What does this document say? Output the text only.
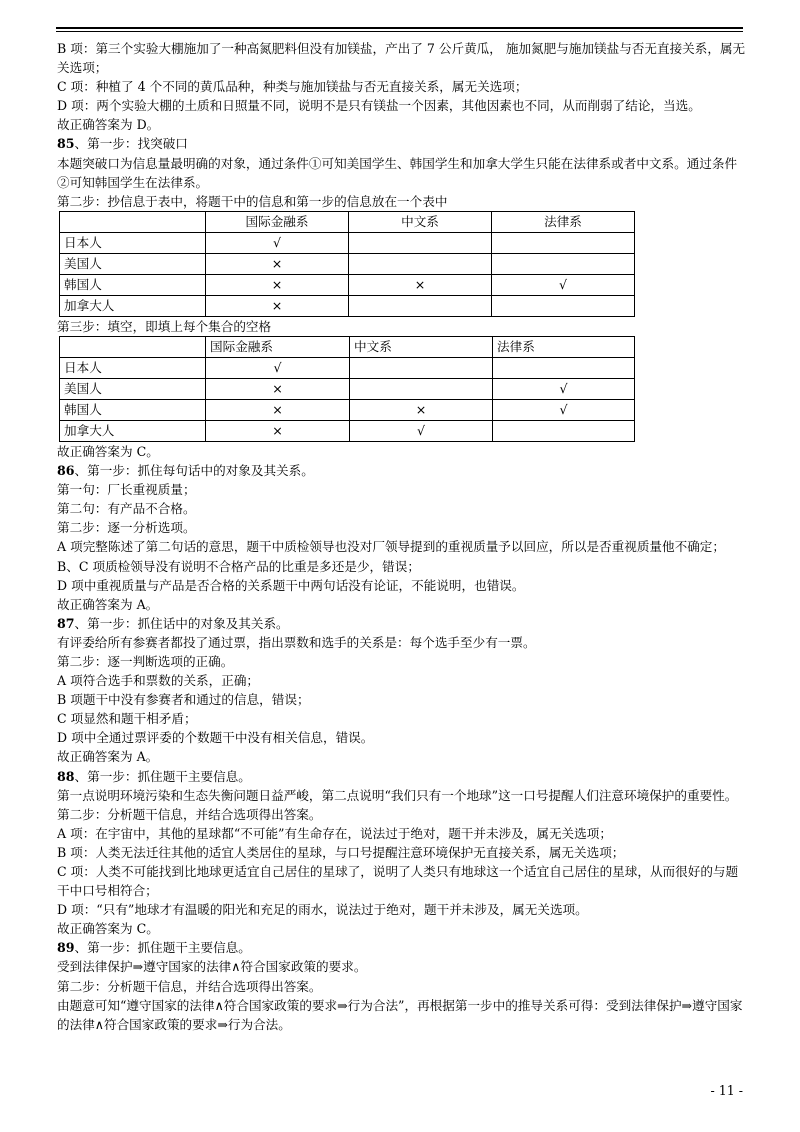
B 项：第三个实验大棚施加了一种高氮肥料但没有加镁盐，产出了 7 公斤黄瓜， 施加氮肥与施加镁盐与否无直接关系，属无关选项；
C 项：种植了 4 个不同的黄瓜品种，种类与施加镁盐与否无直接关系，属无关选项；
D 项：两个实验大棚的土质和日照量不同，说明不是只有镁盐一个因素，其他因素也不同，从而削弱了结论，当选。
故正确答案为 D。
85、第一步：找突破口
本题突破口为信息量最明确的对象，通过条件①可知美国学生、韩国学生和加拿大学生只能在法律系或者中文系。通过条件②可知韩国学生在法律系。
第二步：抄信息于表中，将题干中的信息和第一步的信息放在一个表中
	国际金融系	中文系	法律系
日本人	√		
美国人	×		
韩国人	×	×	√
加拿大人	×		
第三步：填空，即填上每个集合的空格
	国际金融系	中文系	法律系
日本人	√		
美国人	×		√
韩国人	×	×	√
加拿大人	×	√	
故正确答案为 C。
86、第一步：抓住每句话中的对象及其关系。
第一句：厂长重视质量；
第二句：有产品不合格。
第二步：逐一分析选项。
A 项完整陈述了第二句话的意思，题干中质检领导也没对厂领导提到的重视质量予以回应，所以是否重视质量他不确定；
B、C 项质检领导没有说明不合格产品的比重是多还是少，错误；
D 项中重视质量与产品是否合格的关系题干中两句话没有论证，不能说明，也错误。
故正确答案为 A。
87、第一步：抓住话中的对象及其关系。
有评委给所有参赛者都投了通过票，指出票数和选手的关系是：每个选手至少有一票。
第二步：逐一判断选项的正确。
A 项符合选手和票数的关系，正确；
B 项题干中没有参赛者和通过的信息，错误；
C 项显然和题干相矛盾；
D 项中全通过票评委的个数题干中没有相关信息，错误。
故正确答案为 A。
88、第一步：抓住题干主要信息。
第一点说明环境污染和生态失衡问题日益严峻，第二点说明“我们只有一个地球”这一口号提醒人们注意环境保护的重要性。
第二步：分析题干信息，并结合选项得出答案。
A 项：在宇宙中，其他的星球都“不可能”有生命存在，说法过于绝对，题干并未涉及，属无关选项；
B 项：人类无法迁往其他的适宜人类居住的星球，与口号提醒注意环境保护无直接关系，属无关选项；
C 项：人类不可能找到比地球更适宜自己居住的星球了，说明了人类只有地球这一个适宜自己居住的星球，从而很好的与题干中口号相符合；
D 项：“只有”地球才有温暖的阳光和充足的雨水，说法过于绝对，题干并未涉及，属无关选项。
故正确答案为 C。
89、第一步：抓住题干主要信息。
受到法律保护⇒遵守国家的法律∧符合国家政策的要求。
第二步：分析题干信息，并结合选项得出答案。
由题意可知“遵守国家的法律∧符合国家政策的要求⇒行为合法”，再根据第一步中的推导关系可得：受到法律保护⇒遵守国家的法律∧符合国家政策的要求⇒行为合法。
- 11 -
